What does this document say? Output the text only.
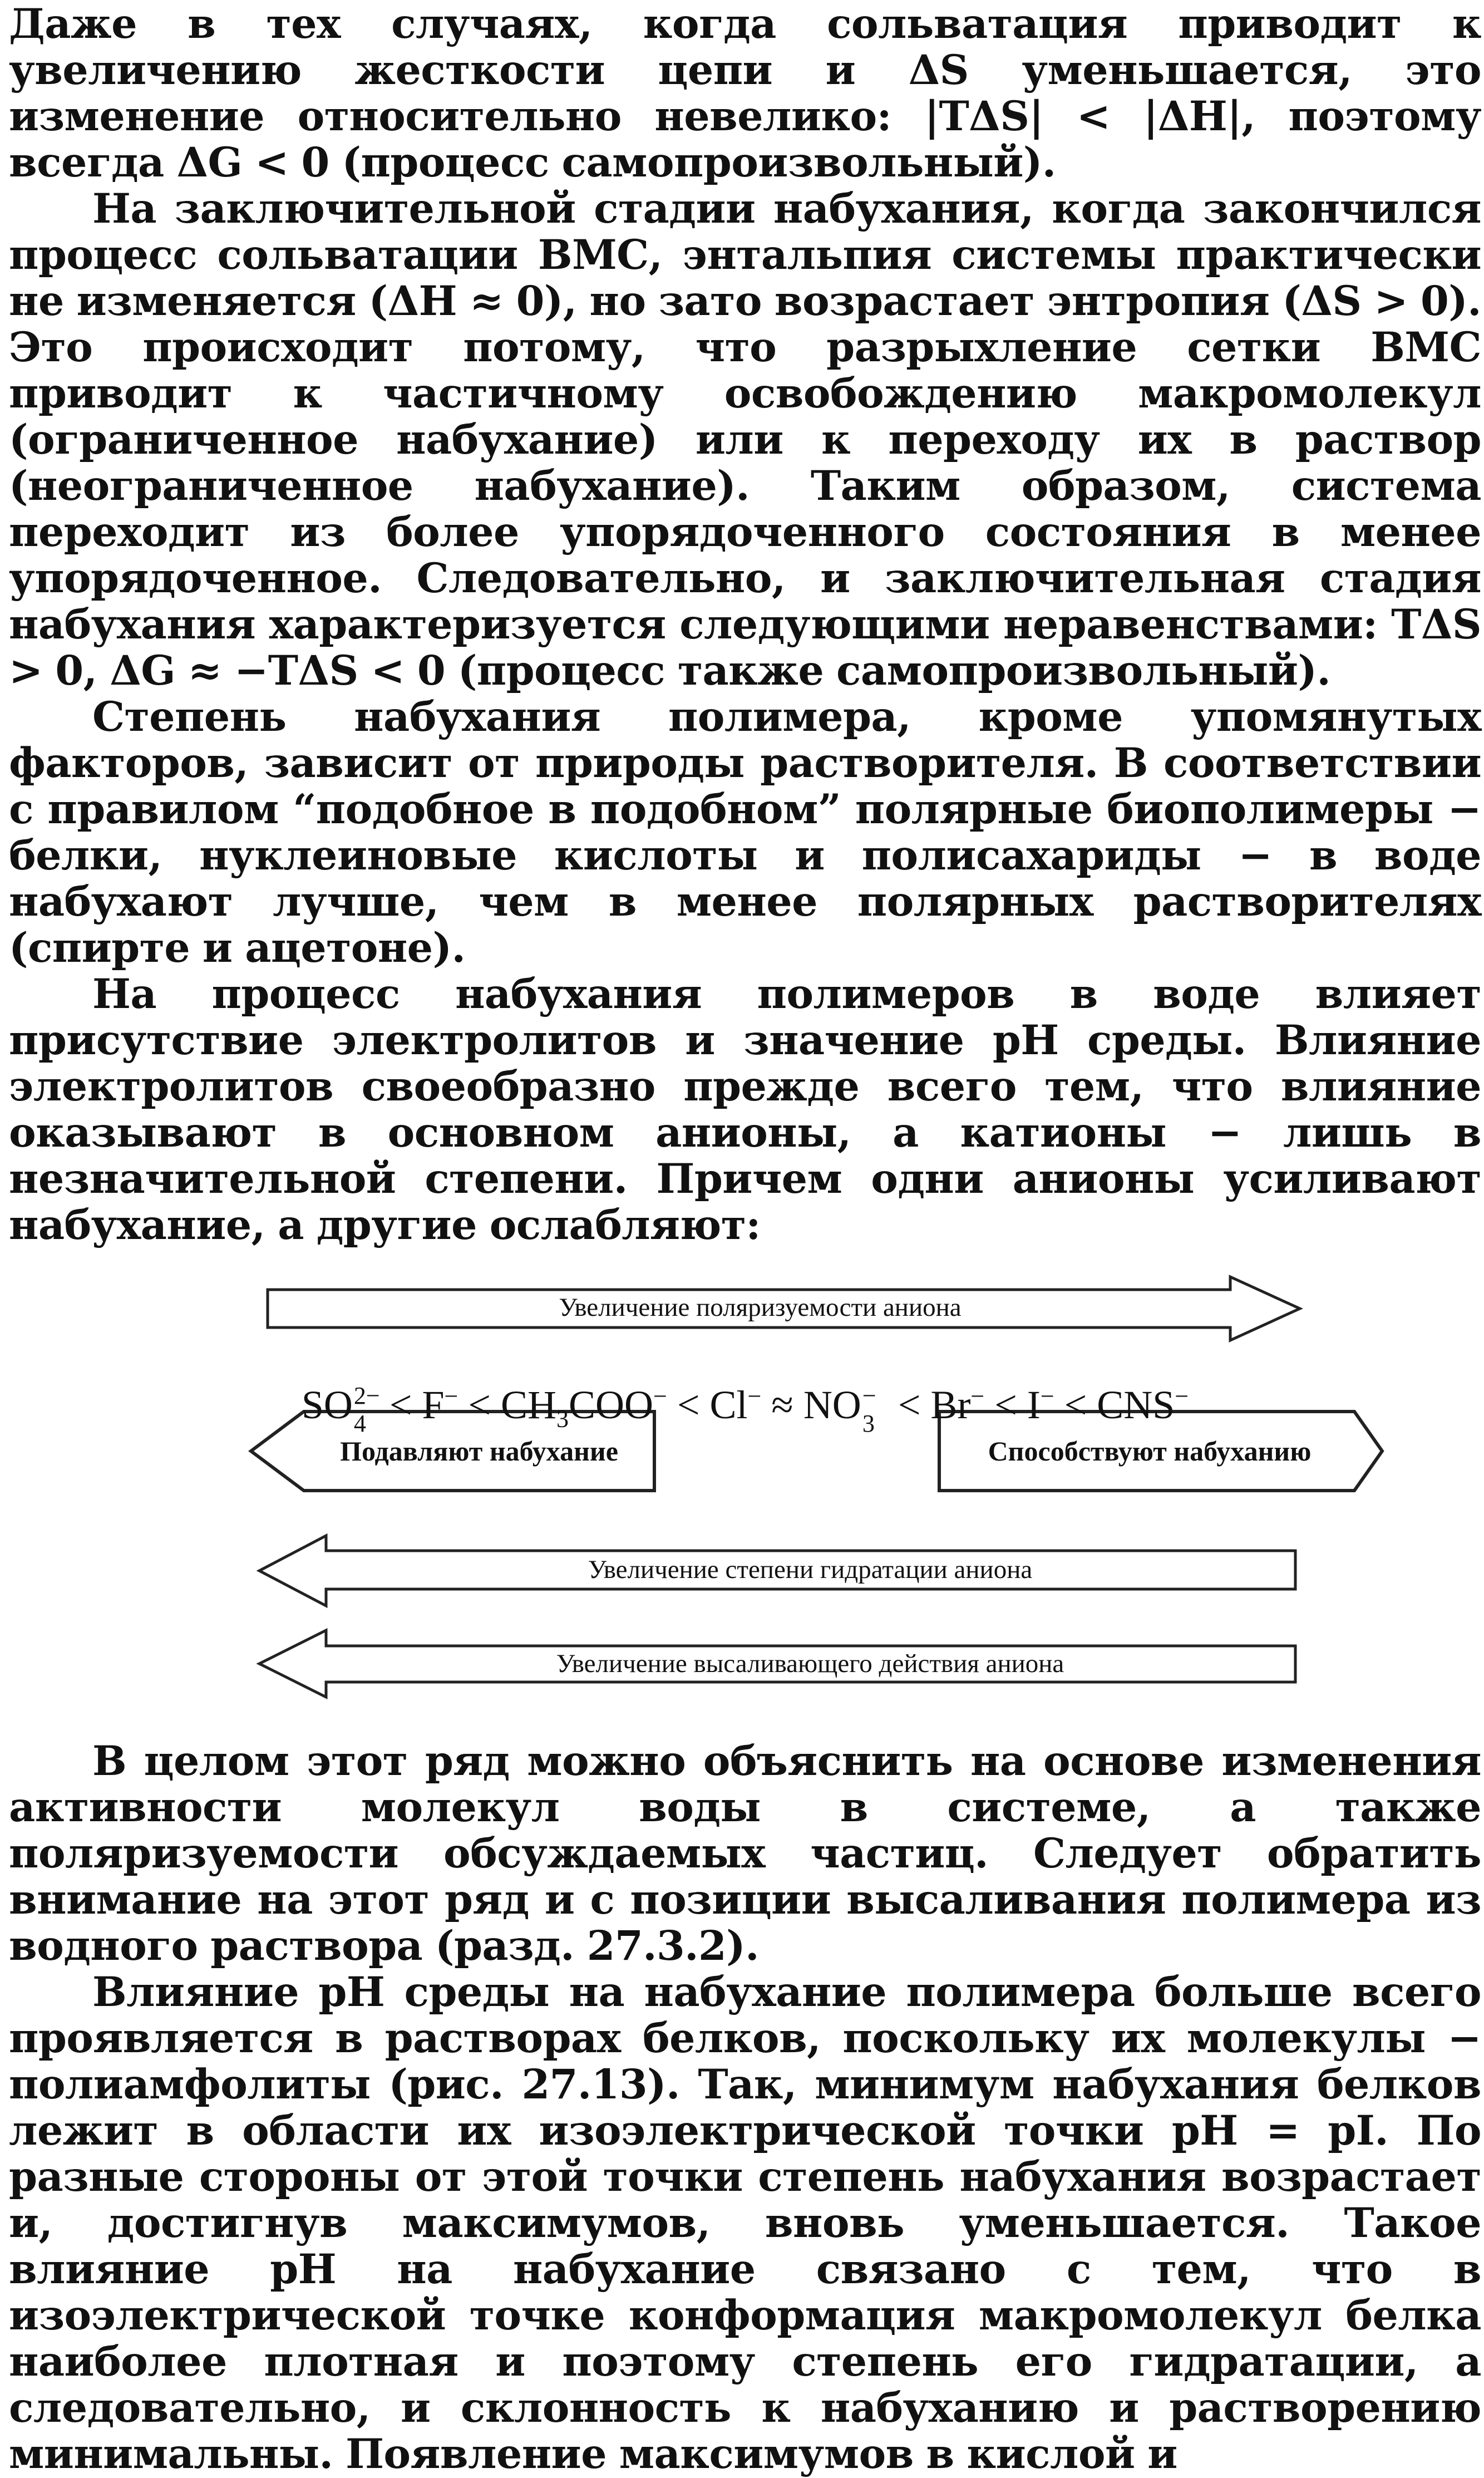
Даже в тех случаях, когда сольватация приводит к увеличению жесткости цепи и ΔS уменьшается, это изменение относительно невелико: |TΔS| < |ΔH|, поэтому всегда ΔG < 0 (процесс самопроизвольный).

На заключительной стадии набухания, когда закончился процесс сольватации ВМС, энтальпия системы практически не изменяется (ΔH ≈ 0), но зато возрастает энтропия (ΔS > 0). Это происходит потому, что разрыхление сетки ВМС приводит к частичному освобождению макромолекул (ограниченное набухание) или к переходу их в раствор (неограниченное набухание). Таким образом, система переходит из более упорядоченного состояния в менее упорядоченное. Следовательно, и заключительная стадия набухания характеризуется следующими неравенствами: TΔS > 0, ΔG ≈ −TΔS < 0 (процесс также самопроизвольный).

Степень набухания полимера, кроме упомянутых факторов, зависит от природы растворителя. В соответствии с правилом “подобное в подобном” полярные биополимеры − белки, нуклеиновые кислоты и полисахариды − в воде набухают лучше, чем в менее полярных растворителях (спирте и ацетоне).

На процесс набухания полимеров в воде влияет присутствие электролитов и значение pH среды. Влияние электролитов своеобразно прежде всего тем, что влияние оказывают в основном анионы, а катионы − лишь в незначительной степени. Причем одни анионы усиливают набухание, а другие ослабляют:

Увеличение поляризуемости аниона
SO 2−
$4 < F^- < CH_3COO^- < Cl^-$ ≈ NO −
3 < Br− < I− < CNS−
Подавляют набухание	Способствуют набуханию
Увеличение степени гидратации аниона
Увеличение высаливающего действия аниона

В целом этот ряд можно объяснить на основе изменения активности молекул воды в системе, а также поляризуемости обсуждаемых частиц. Следует обратить внимание на этот ряд и с позиции высаливания полимера из водного раствора (разд. 27.3.2).

Влияние pH среды на набухание полимера больше всего проявляется в растворах белков, поскольку их молекулы − полиамфолиты (рис. 27.13). Так, минимум набухания белков лежит в области их изоэлектрической точки pH = pI. По разные стороны от этой точки степень набухания возрастает и, достигнув максимумов, вновь уменьшается. Такое влияние pH на набухание связано с тем, что в изоэлектрической точке конформация макромолекул белка наиболее плотная и поэтому степень его гидратации, а следовательно, и склонность к набуханию и растворению минимальны. Появление максимумов в кислой и
